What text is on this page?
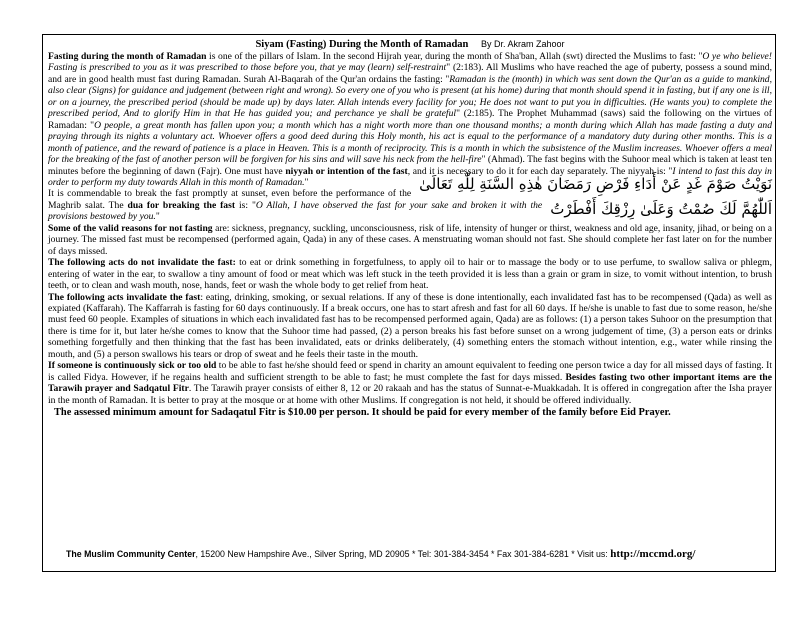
Siyam (Fasting) During the Month of Ramadan By Dr. Akram Zahoor

Fasting during the month of Ramadan is one of the pillars of Islam. In the second Hijrah year, during the month of Sha'ban, Allah (swt) directed the Muslims to fast: "O ye who believe! Fasting is prescribed to you as it was prescribed to those before you, that ye may (learn) self-restraint" (2:183). All Muslims who have reached the age of puberty, possess a sound mind, and are in good health must fast during Ramadan. Surah Al-Baqarah of the Qur'an ordains the fasting: "Ramadan is the (month) in which was sent down the Qur'an as a guide to mankind, also clear (Signs) for guidance and judgement (between right and wrong). So every one of you who is present (at his home) during that month should spend it in fasting, but if any one is ill, or on a journey, the prescribed period (should be made up) by days later. Allah intends every facility for you; He does not want to put you in difficulties. (He wants you) to complete the prescribed period, And to glorify Him in that He has guided you; and perchance ye shall be grateful" (2:185). The Prophet Muhammad (saws) said the following on the virtues of Ramadan: "O people, a great month has fallen upon you; a month which has a night worth more than one thousand months; a month during which Allah has made fasting a duty and praying through its nights a voluntary act. Whoever offers a good deed during this Holy month, his act is equal to the performance of a mandatory duty during other months. This is a month of patience, and the reward of patience is a place in Heaven. This is a month of reciprocity. This is a month in which the subsistence of the Muslim increases. Whoever offers a meal for the breaking of the fast of another person will be forgiven for his sins and will save his neck from the hell-fire" (Ahmad). The fast begins with the Suhoor meal which is taken at least ten minutes before the beginning of dawn (Fajr). One must have niyyah or intention of the fast, and it is necessary to do it for each day separately. The niyyah is: "
نَوَيْتُ صَوْمَ غَدٍ عَنْ أَدَاءِ فَرْضِ رَمَضَانَ هٰذِهِ السَّنَةِ لِلّٰهِ تَعَالَىٰ
I intend to fast this day in order to perform my duty towards Allah in this month of Ramadan."

It is commendable to break the fast promptly at sunset, even before the performance of the Maghrib salat. The dua for breaking the fast is: "	اَللّٰهُمَّ لَكَ صُمْتُ وَعَلَىٰ رِزْقِكَ أَفْطَرْتُ
O Allah, I have observed the fast for your sake and broken it with the provisions bestowed by you."

Some of the valid reasons for not fasting are: sickness, pregnancy, suckling, unconsciousness, risk of life, intensity of hunger or thirst, weakness and old age, insanity, jihad, or being on a journey. The missed fast must be recompensed (performed again, Qada) in any of these cases. A menstruating woman should not fast. She should complete her fast later on for the number of days missed.

The following acts do not invalidate the fast: to eat or drink something in forgetfulness, to apply oil to hair or to massage the body or to use perfume, to swallow saliva or phlegm, entering of water in the ear, to swallow a tiny amount of food or meat which was left stuck in the teeth provided it is less than a grain or gram in size, to vomit without intention, to brush teeth, or to clean and wash mouth, nose, hands, feet or wash the whole body to get relief from heat.

The following acts invalidate the fast: eating, drinking, smoking, or sexual relations. If any of these is done intentionally, each invalidated fast has to be recompensed (Qada) as well as expiated (Kaffarah). The Kaffarrah is fasting for 60 days continuously. If a break occurs, one has to start afresh and fast for all 60 days. If he/she is unable to fast due to some reason, he/she must feed 60 people. Examples of situations in which each invalidated fast has to be recompensed performed again, Qada) are as follows: (1) a person takes Suhoor on the presumption that there is time for it, but later he/she comes to know that the Suhoor time had passed, (2) a person breaks his fast before sunset on a wrong judgement of time, (3) a person eats or drinks something forgetfully and then thinking that the fast has been invalidated, eats or drinks deliberately, (4) something enters the stomach without intention, e.g., water while rinsing the mouth, and (5) a person swallows his tears or drop of sweat and he feels their taste in the mouth.

If someone is continuously sick or too old to be able to fast he/she should feed or spend in charity an amount equivalent to feeding one person twice a day for all missed days of fasting. It is called Fidya. However, if he regains health and sufficient strength to be able to fast; he must complete the fast for days missed. Besides fasting two other important items are the Tarawih prayer and Sadqatul Fitr. The Tarawih prayer consists of either 8, 12 or 20 rakaah and has the status of Sunnat-e-Muakkadah. It is offered in congregation after the Isha prayer in the month of Ramadan. It is better to pray at the mosque or at home with other Muslims. If congregation is not held, it should be offered individually.

The assessed minimum amount for Sadaqatul Fitr is $10.00 per person. It should be paid for every member of the family before Eid Prayer.

The Muslim Community Center, 15200 New Hampshire Ave., Silver Spring, MD 20905 * Tel: 301-384-3454 * Fax 301-384-6281 * Visit us: http://mccmd.org/
